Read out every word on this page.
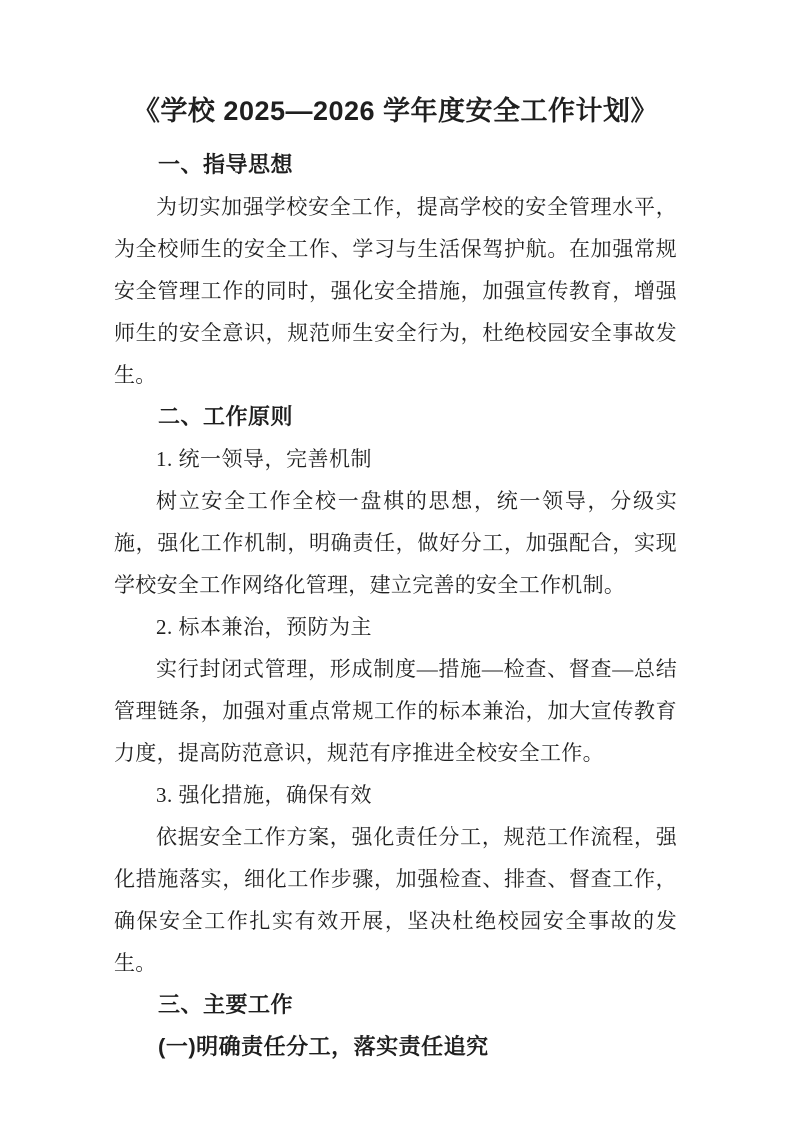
《学校 2025—2026 学年度安全工作计划》
一、指导思想

为切实加强学校安全工作，提高学校的安全管理水平，为全校师生的安全工作、学习与生活保驾护航。在加强常规安全管理工作的同时，强化安全措施，加强宣传教育，增强师生的安全意识，规范师生安全行为，杜绝校园安全事故发生。

二、工作原则

1. 统一领导，完善机制

树立安全工作全校一盘棋的思想，统一领导，分级实施，强化工作机制，明确责任，做好分工，加强配合，实现学校安全工作网络化管理，建立完善的安全工作机制。

2. 标本兼治，预防为主

实行封闭式管理，形成制度—措施—检查、督查—总结管理链条，加强对重点常规工作的标本兼治，加大宣传教育力度，提高防范意识，规范有序推进全校安全工作。

3. 强化措施，确保有效

依据安全工作方案，强化责任分工，规范工作流程，强化措施落实，细化工作步骤，加强检查、排查、督查工作，确保安全工作扎实有效开展，坚决杜绝校园安全事故的发生。

三、主要工作
(一)明确责任分工，落实责任追究
